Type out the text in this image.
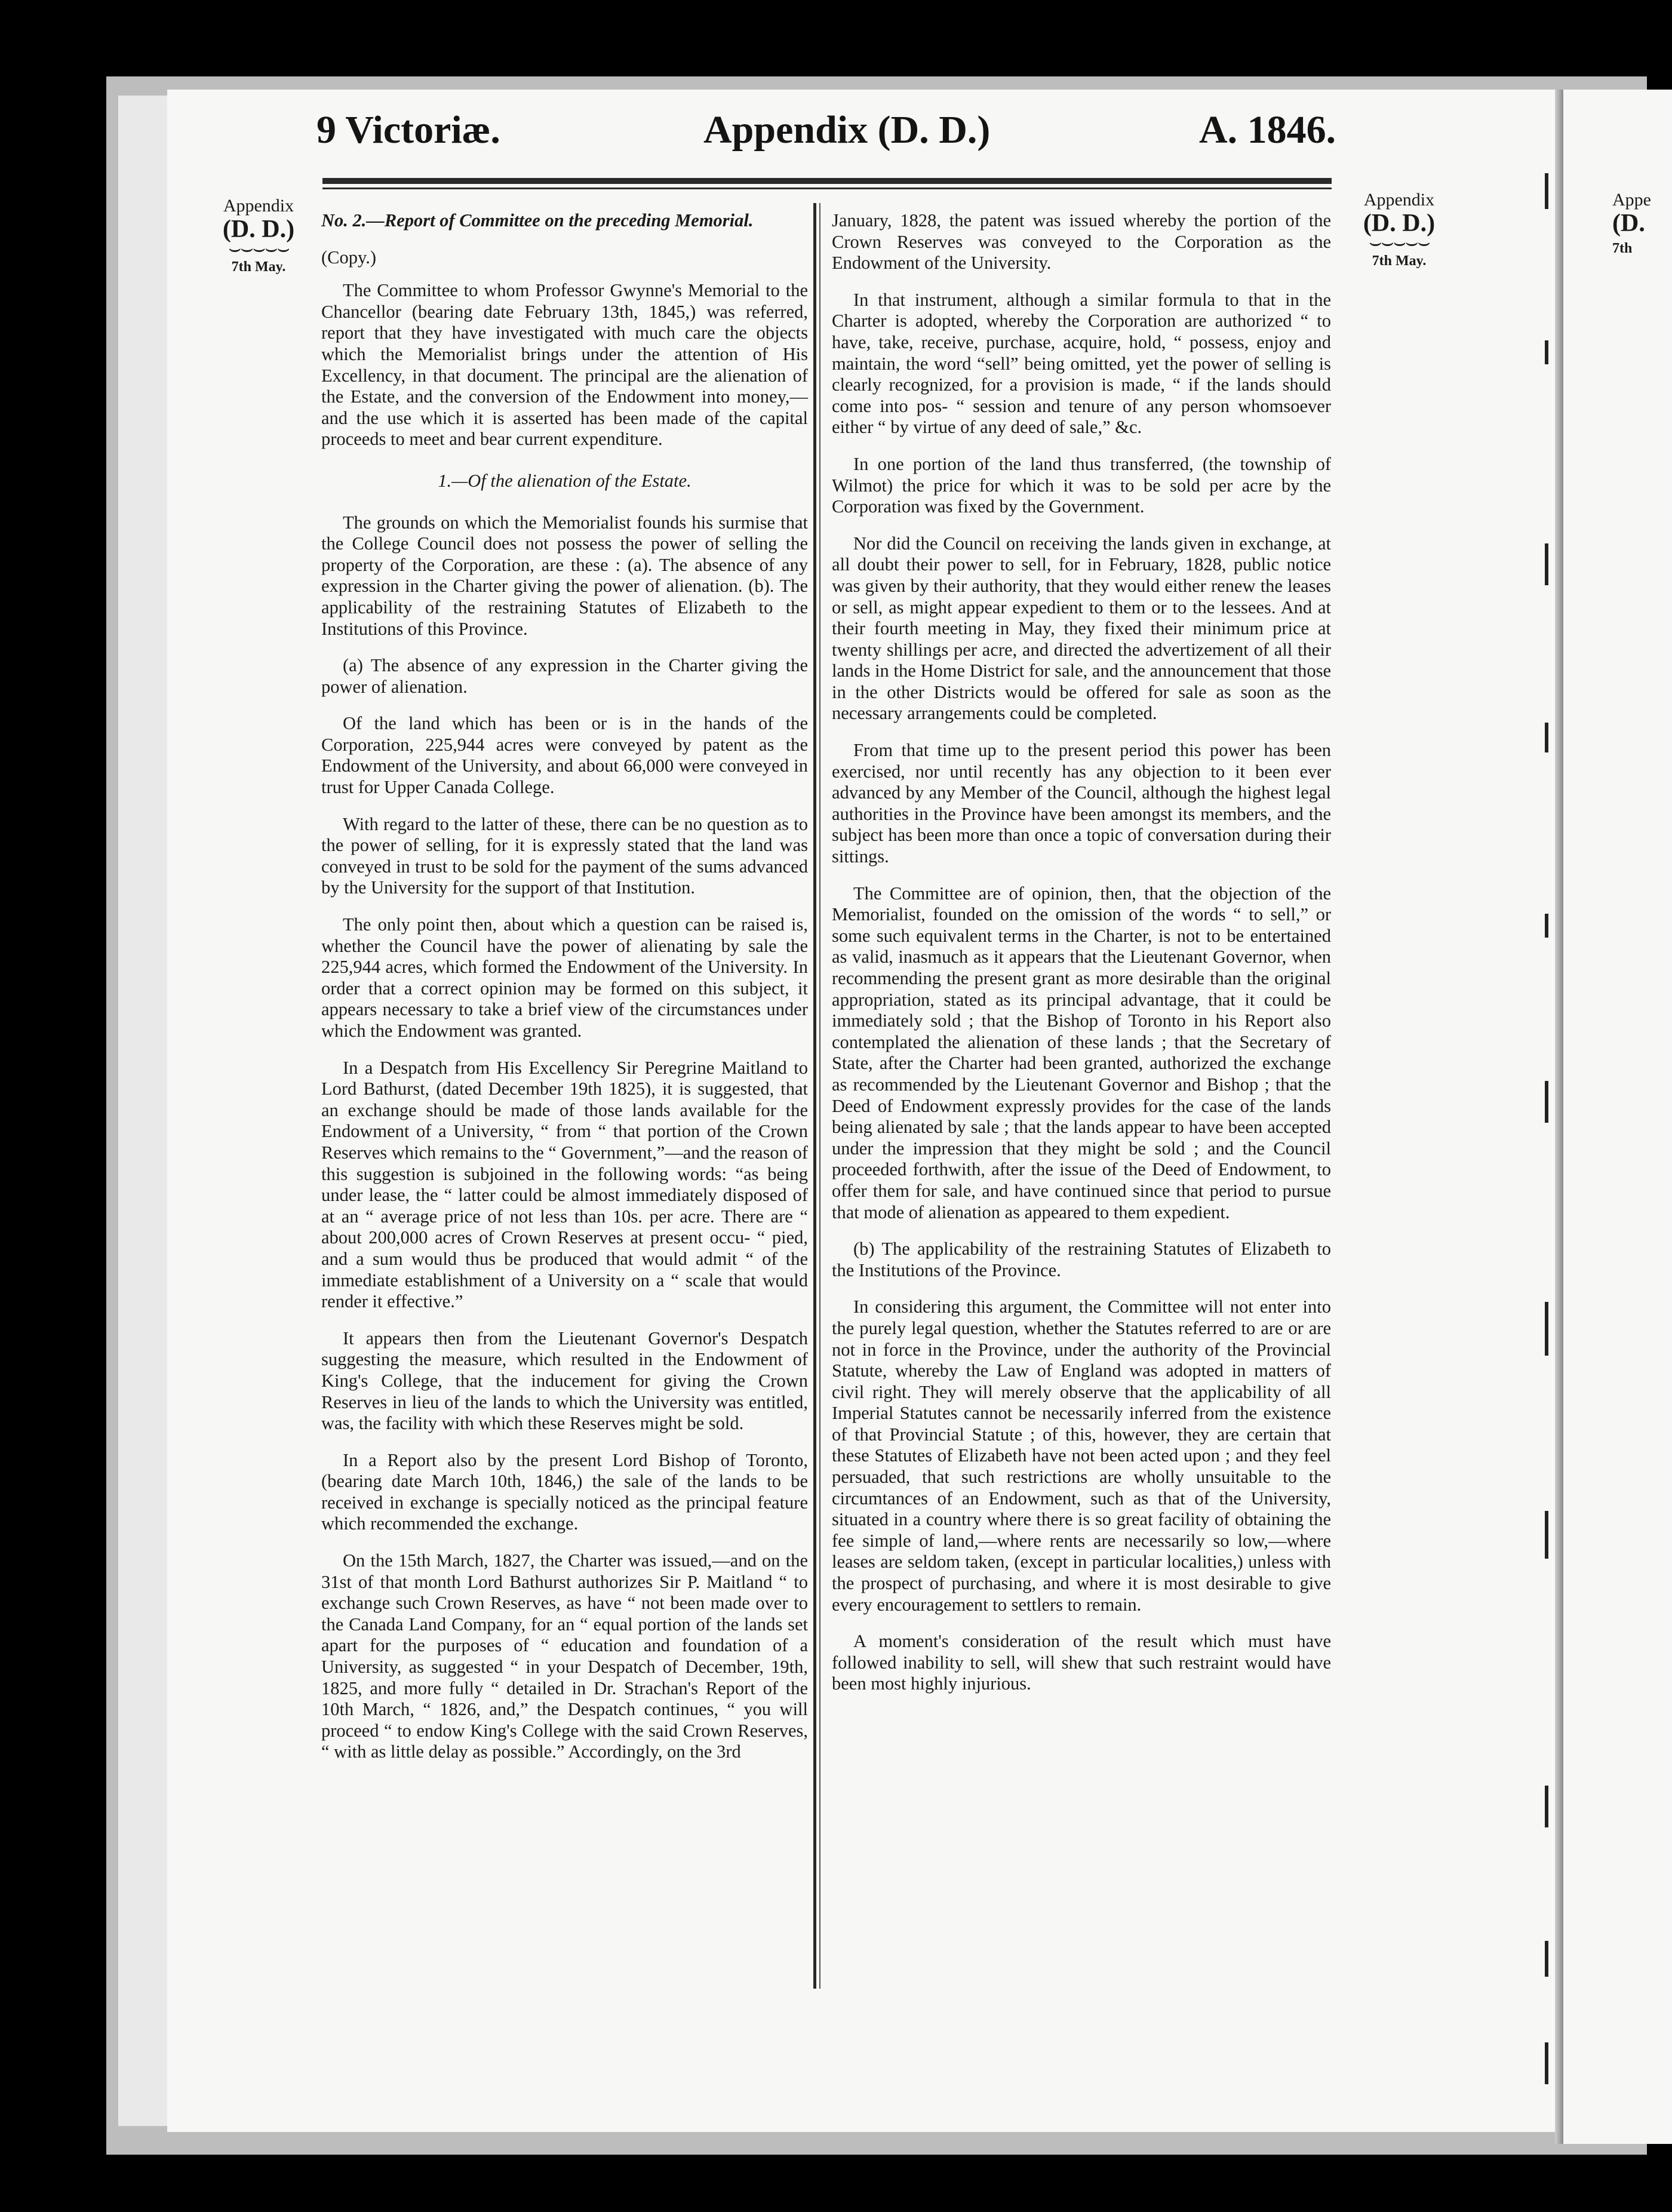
9 Victoriæ.	Appendix (D. D.)	A. 1846.
Appendix
(D. D.)
⌣⌣⌣⌣⌣
7th May.
Appendix
(D. D.)
⌣⌣⌣⌣⌣
7th May.
Appe
(D.
7th

No. 2.—Report of Committee on the preceding Memorial.

(Copy.)

The Committee to whom Professor Gwynne's Memorial to the Chancellor (bearing date February 13th, 1845,) was referred, report that they have investigated with much care the objects which the Memorialist brings under the attention of His Excellency, in that document. The principal are the alienation of the Estate, and the conversion of the Endowment into money,—and the use which it is asserted has been made of the capital proceeds to meet and bear current expenditure.

1.—Of the alienation of the Estate.

The grounds on which the Memorialist founds his surmise that the College Council does not possess the power of selling the property of the Corporation, are these : (a). The absence of any expression in the Charter giving the power of alienation. (b). The applicability of the restraining Statutes of Elizabeth to the Institutions of this Province.

(a) The absence of any expression in the Charter giving the power of alienation.

Of the land which has been or is in the hands of the Corporation, 225,944 acres were conveyed by patent as the Endowment of the University, and about 66,000 were conveyed in trust for Upper Canada College.

With regard to the latter of these, there can be no question as to the power of selling, for it is expressly stated that the land was conveyed in trust to be sold for the payment of the sums advanced by the University for the support of that Institution.

The only point then, about which a question can be raised is, whether the Council have the power of alienating by sale the 225,944 acres, which formed the Endowment of the University. In order that a correct opinion may be formed on this subject, it appears necessary to take a brief view of the circumstances under which the Endowment was granted.

In a Despatch from His Excellency Sir Peregrine Maitland to Lord Bathurst, (dated December 19th 1825), it is suggested, that an exchange should be made of those lands available for the Endowment of a University, “ from “ that portion of the Crown Reserves which remains to the “ Government,”—and the reason of this suggestion is subjoined in the following words: “as being under lease, the “ latter could be almost immediately disposed of at an “ average price of not less than 10s. per acre. There are “ about 200,000 acres of Crown Reserves at present occu- “ pied, and a sum would thus be produced that would admit “ of the immediate establishment of a University on a “ scale that would render it effective.”

It appears then from the Lieutenant Governor's Despatch suggesting the measure, which resulted in the Endowment of King's College, that the inducement for giving the Crown Reserves in lieu of the lands to which the University was entitled, was, the facility with which these Reserves might be sold.

In a Report also by the present Lord Bishop of Toronto, (bearing date March 10th, 1846,) the sale of the lands to be received in exchange is specially noticed as the principal feature which recommended the exchange.

On the 15th March, 1827, the Charter was issued,—and on the 31st of that month Lord Bathurst authorizes Sir P. Maitland “ to exchange such Crown Reserves, as have “ not been made over to the Canada Land Company, for an “ equal portion of the lands set apart for the purposes of “ education and foundation of a University, as suggested “ in your Despatch of December, 19th, 1825, and more fully “ detailed in Dr. Strachan's Report of the 10th March, “ 1826, and,” the Despatch continues, “ you will proceed “ to endow King's College with the said Crown Reserves, “ with as little delay as possible.” Accordingly, on the 3rd

January, 1828, the patent was issued whereby the portion of the Crown Reserves was conveyed to the Corporation as the Endowment of the University.

In that instrument, although a similar formula to that in the Charter is adopted, whereby the Corporation are authorized “ to have, take, receive, purchase, acquire, hold, “ possess, enjoy and maintain, the word “sell” being omitted, yet the power of selling is clearly recognized, for a provision is made, “ if the lands should come into pos- “ session and tenure of any person whomsoever either “ by virtue of any deed of sale,” &c.

In one portion of the land thus transferred, (the township of Wilmot) the price for which it was to be sold per acre by the Corporation was fixed by the Government.

Nor did the Council on receiving the lands given in exchange, at all doubt their power to sell, for in February, 1828, public notice was given by their authority, that they would either renew the leases or sell, as might appear expedient to them or to the lessees. And at their fourth meeting in May, they fixed their minimum price at twenty shillings per acre, and directed the advertizement of all their lands in the Home District for sale, and the announcement that those in the other Districts would be offered for sale as soon as the necessary arrangements could be completed.

From that time up to the present period this power has been exercised, nor until recently has any objection to it been ever advanced by any Member of the Council, although the highest legal authorities in the Province have been amongst its members, and the subject has been more than once a topic of conversation during their sittings.

The Committee are of opinion, then, that the objection of the Memorialist, founded on the omission of the words “ to sell,” or some such equivalent terms in the Charter, is not to be entertained as valid, inasmuch as it appears that the Lieutenant Governor, when recommending the present grant as more desirable than the original appropriation, stated as its principal advantage, that it could be immediately sold ; that the Bishop of Toronto in his Report also contemplated the alienation of these lands ; that the Secretary of State, after the Charter had been granted, authorized the exchange as recommended by the Lieutenant Governor and Bishop ; that the Deed of Endowment expressly provides for the case of the lands being alienated by sale ; that the lands appear to have been accepted under the impression that they might be sold ; and the Council proceeded forthwith, after the issue of the Deed of Endowment, to offer them for sale, and have continued since that period to pursue that mode of alienation as appeared to them expedient.

(b) The applicability of the restraining Statutes of Elizabeth to the Institutions of the Province.

In considering this argument, the Committee will not enter into the purely legal question, whether the Statutes referred to are or are not in force in the Province, under the authority of the Provincial Statute, whereby the Law of England was adopted in matters of civil right. They will merely observe that the applicability of all Imperial Statutes cannot be necessarily inferred from the existence of that Provincial Statute ; of this, however, they are certain that these Statutes of Elizabeth have not been acted upon ; and they feel persuaded, that such restrictions are wholly unsuitable to the circumtances of an Endowment, such as that of the University, situated in a country where there is so great facility of obtaining the fee simple of land,—where rents are necessarily so low,—where leases are seldom taken, (except in particular localities,) unless with the prospect of purchasing, and where it is most desirable to give every encouragement to settlers to remain.

A moment's consideration of the result which must have followed inability to sell, will shew that such restraint would have been most highly injurious.
